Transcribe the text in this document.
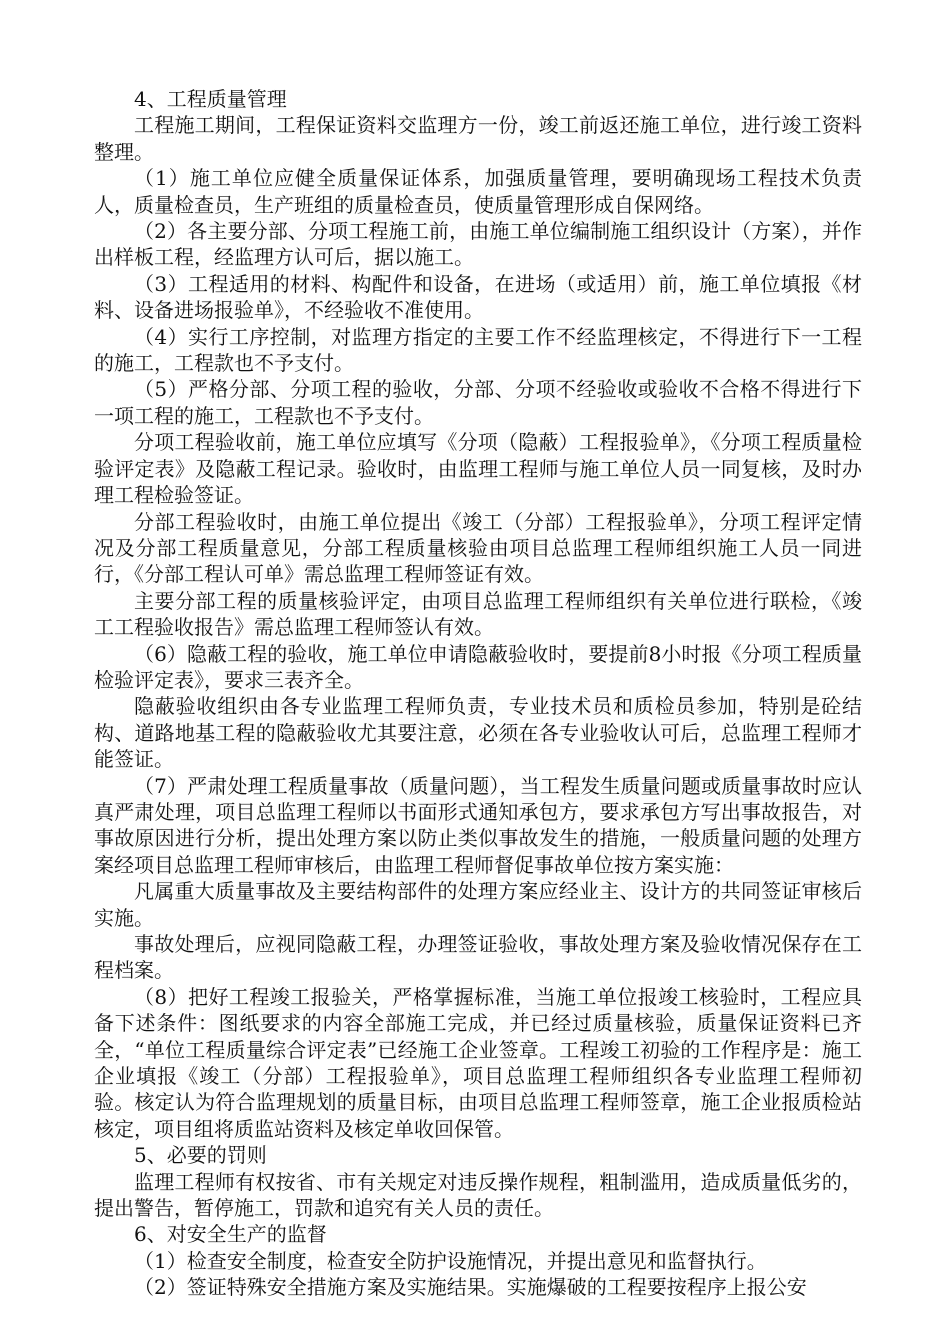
4、工程质量管理

工程施工期间，工程保证资料交监理方一份，竣工前返还施工单位，进行竣工资料整理。

（1）施工单位应健全质量保证体系，加强质量管理，要明确现场工程技术负责人，质量检查员，生产班组的质量检查员，使质量管理形成自保网络。

（2）各主要分部、分项工程施工前，由施工单位编制施工组织设计（方案），并作出样板工程，经监理方认可后，据以施工。

（3）工程适用的材料、构配件和设备，在进场（或适用）前，施工单位填报《材料、设备进场报验单》，不经验收不准使用。

（4）实行工序控制，对监理方指定的主要工作不经监理核定，不得进行下一工程的施工，工程款也不予支付。

（5）严格分部、分项工程的验收，分部、分项不经验收或验收不合格不得进行下一项工程的施工，工程款也不予支付。

分项工程验收前，施工单位应填写《分项（隐蔽）工程报验单》，《分项工程质量检验评定表》及隐蔽工程记录。验收时，由监理工程师与施工单位人员一同复核，及时办理工程检验签证。

分部工程验收时，由施工单位提出《竣工（分部）工程报验单》，分项工程评定情况及分部工程质量意见，分部工程质量核验由项目总监理工程师组织施工人员一同进行，《分部工程认可单》需总监理工程师签证有效。

主要分部工程的质量核验评定，由项目总监理工程师组织有关单位进行联检，《竣工工程验收报告》需总监理工程师签认有效。

（6）隐蔽工程的验收，施工单位申请隐蔽验收时，要提前8小时报《分项工程质量检验评定表》，要求三表齐全。

隐蔽验收组织由各专业监理工程师负责，专业技术员和质检员参加，特别是砼结构、道路地基工程的隐蔽验收尤其要注意，必须在各专业验收认可后，总监理工程师才能签证。

（7）严肃处理工程质量事故（质量问题），当工程发生质量问题或质量事故时应认真严肃处理，项目总监理工程师以书面形式通知承包方，要求承包方写出事故报告，对事故原因进行分析，提出处理方案以防止类似事故发生的措施，一般质量问题的处理方案经项目总监理工程师审核后，由监理工程师督促事故单位按方案实施：

凡属重大质量事故及主要结构部件的处理方案应经业主、设计方的共同签证审核后实施。

事故处理后，应视同隐蔽工程，办理签证验收，事故处理方案及验收情况保存在工程档案。

（8）把好工程竣工报验关，严格掌握标准，当施工单位报竣工核验时，工程应具备下述条件：图纸要求的内容全部施工完成，并已经过质量核验，质量保证资料已齐全，“单位工程质量综合评定表”已经施工企业签章。工程竣工初验的工作程序是：施工企业填报《竣工（分部）工程报验单》，项目总监理工程师组织各专业监理工程师初验。核定认为符合监理规划的质量目标，由项目总监理工程师签章，施工企业报质检站核定，项目组将质监站资料及核定单收回保管。

5、必要的罚则

监理工程师有权按省、市有关规定对违反操作规程，粗制滥用，造成质量低劣的，提出警告，暂停施工，罚款和追究有关人员的责任。

6、对安全生产的监督

（1）检查安全制度，检查安全防护设施情况，并提出意见和监督执行。

（2）签证特殊安全措施方案及实施结果。实施爆破的工程要按程序上报公安
